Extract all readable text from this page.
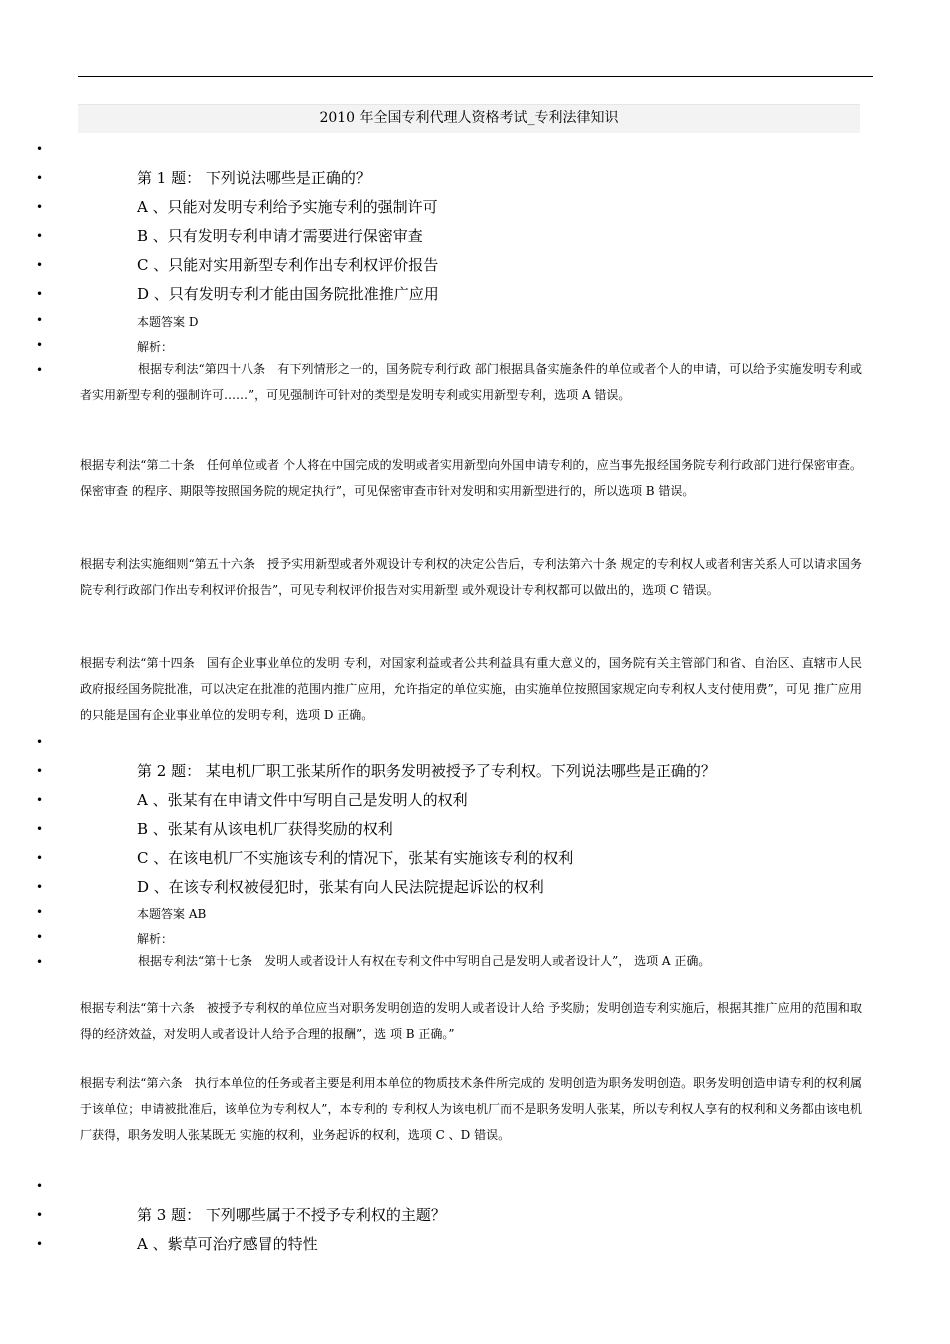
2010 年全国专利代理人资格考试_专利法律知识
•
•	第 1 题： 下列说法哪些是正确的？
•	A 、只能对发明专利给予实施专利的强制许可
•	B 、只有发明专利申请才需要进行保密审查
•	C 、只能对实用新型专利作出专利权评价报告
•	D 、只有发明专利才能由国务院批准推广应用
•	本题答案 D
•	解析：
•	根据专利法“第四十八条　有下列情形之一的，国务院专利行政 部门根据具备实施条件的单位或者个人的申请，可以给予实施发明专利或者实用新型专利的强制许可……”，可见强制许可针对的类型是发明专利或实用新型专利，选项 A 错误。
根据专利法“第二十条　任何单位或者 个人将在中国完成的发明或者实用新型向外国申请专利的，应当事先报经国务院专利行政部门进行保密审查。保密审查 的程序、期限等按照国务院的规定执行”，可见保密审查市针对发明和实用新型进行的，所以选项 B 错误。
根据专利法实施细则“第五十六条　授予实用新型或者外观设计专利权的决定公告后，专利法第六十条 规定的专利权人或者利害关系人可以请求国务院专利行政部门作出专利权评价报告”，可见专利权评价报告对实用新型 或外观设计专利权都可以做出的，选项 C 错误。
根据专利法“第十四条　国有企业事业单位的发明 专利，对国家利益或者公共利益具有重大意义的，国务院有关主管部门和省、自治区、直辖市人民政府报经国务院批准，可以决定在批准的范围内推广应用，允许指定的单位实施，由实施单位按照国家规定向专利权人支付使用费”，可见 推广应用的只能是国有企业事业单位的发明专利，选项 D 正确。
•
•	第 2 题： 某电机厂职工张某所作的职务发明被授予了专利权。下列说法哪些是正确的？
•	A 、张某有在申请文件中写明自己是发明人的权利
•	B 、张某有从该电机厂获得奖励的权利
•	C 、在该电机厂不实施该专利的情况下，张某有实施该专利的权利
•	D 、在该专利权被侵犯时，张某有向人民法院提起诉讼的权利
•	本题答案 AB
•	解析：
•	根据专利法“第十七条　发明人或者设计人有权在专利文件中写明自己是发明人或者设计人”， 选项 A 正确。
根据专利法“第十六条　被授予专利权的单位应当对职务发明创造的发明人或者设计人给 予奖励；发明创造专利实施后，根据其推广应用的范围和取得的经济效益，对发明人或者设计人给予合理的报酬”，选 项 B 正确。”
根据专利法“第六条　执行本单位的任务或者主要是利用本单位的物质技术条件所完成的 发明创造为职务发明创造。职务发明创造申请专利的权利属于该单位；申请被批准后，该单位为专利权人”，本专利的 专利权人为该电机厂而不是职务发明人张某，所以专利权人享有的权利和义务都由该电机厂获得，职务发明人张某既无 实施的权利，业务起诉的权利，选项 C 、D 错误。
•
•	第 3 题： 下列哪些属于不授予专利权的主题？
•	A 、紫草可治疗感冒的特性
